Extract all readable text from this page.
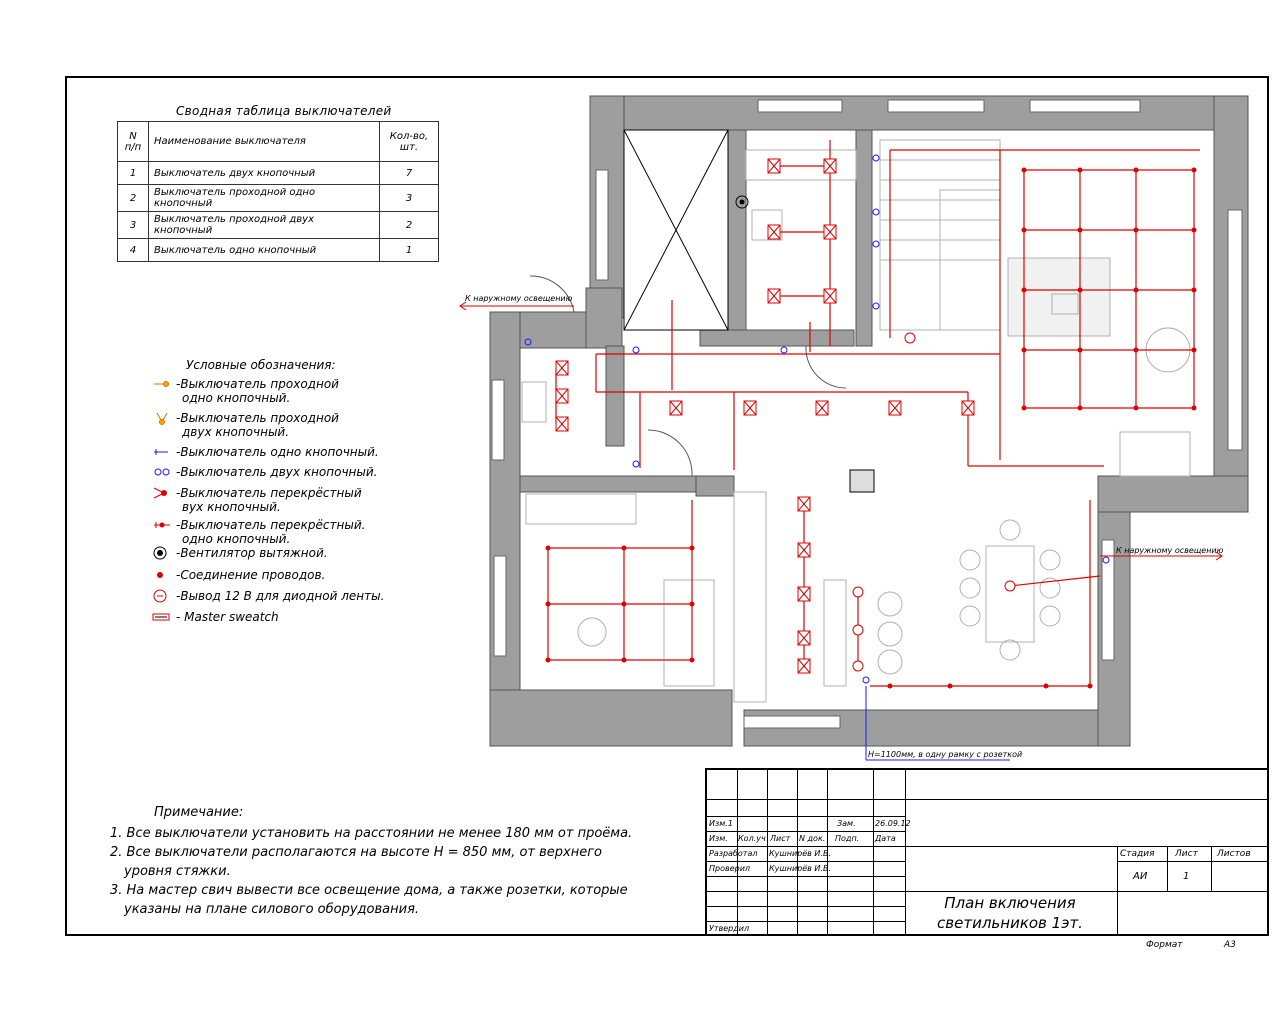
Сводная таблица выключателей
N п/п	Наименование выключателя	Кол-во, шт.
1	Выключатель двух кнопочный	7
2	Выключатель проходной одно кнопочный	3
3	Выключатель проходной двух кнопочный	2
4	Выключатель одно кнопочный	1
Условные обозначения:
-Выключатель проходной
одно кнопочный.
-Выключатель проходной
двух кнопочный.
-Выключатель одно кнопочный.
-Выключатель двух кнопочный.
-Выключатель перекрёстный
вух кнопочный.
-Выключатель перекрёстный.
одно кнопочный.
-Вентилятор вытяжной.
-Соединение проводов.
-Вывод 12 В для диодной ленты.
- Master sweatch
К наружному освещению
К наружному освещению
Н=1100мм, в одну рамку с розеткой
Примечание:
1. Все выключатели установить на расстоянии не менее 180 мм от проёма.
2. Все выключатели располагаются на высоте Н = 850 мм, от верхнего
уровня стяжки.
3. На мастер свич вывести все освещение дома, а также розетки, которые
указаны на плане силового оборудования.
Изм.1	Зам. 26.09.12
Изм. Кол.уч Лист N док. Подп. Дата
Разработал Кушнирёв И.В.
Проверил Кушнирёв И.В.
Утвердил
Стадия Лист Листов
АИ	1
План включения
светильников 1эт.
Формат	А3
